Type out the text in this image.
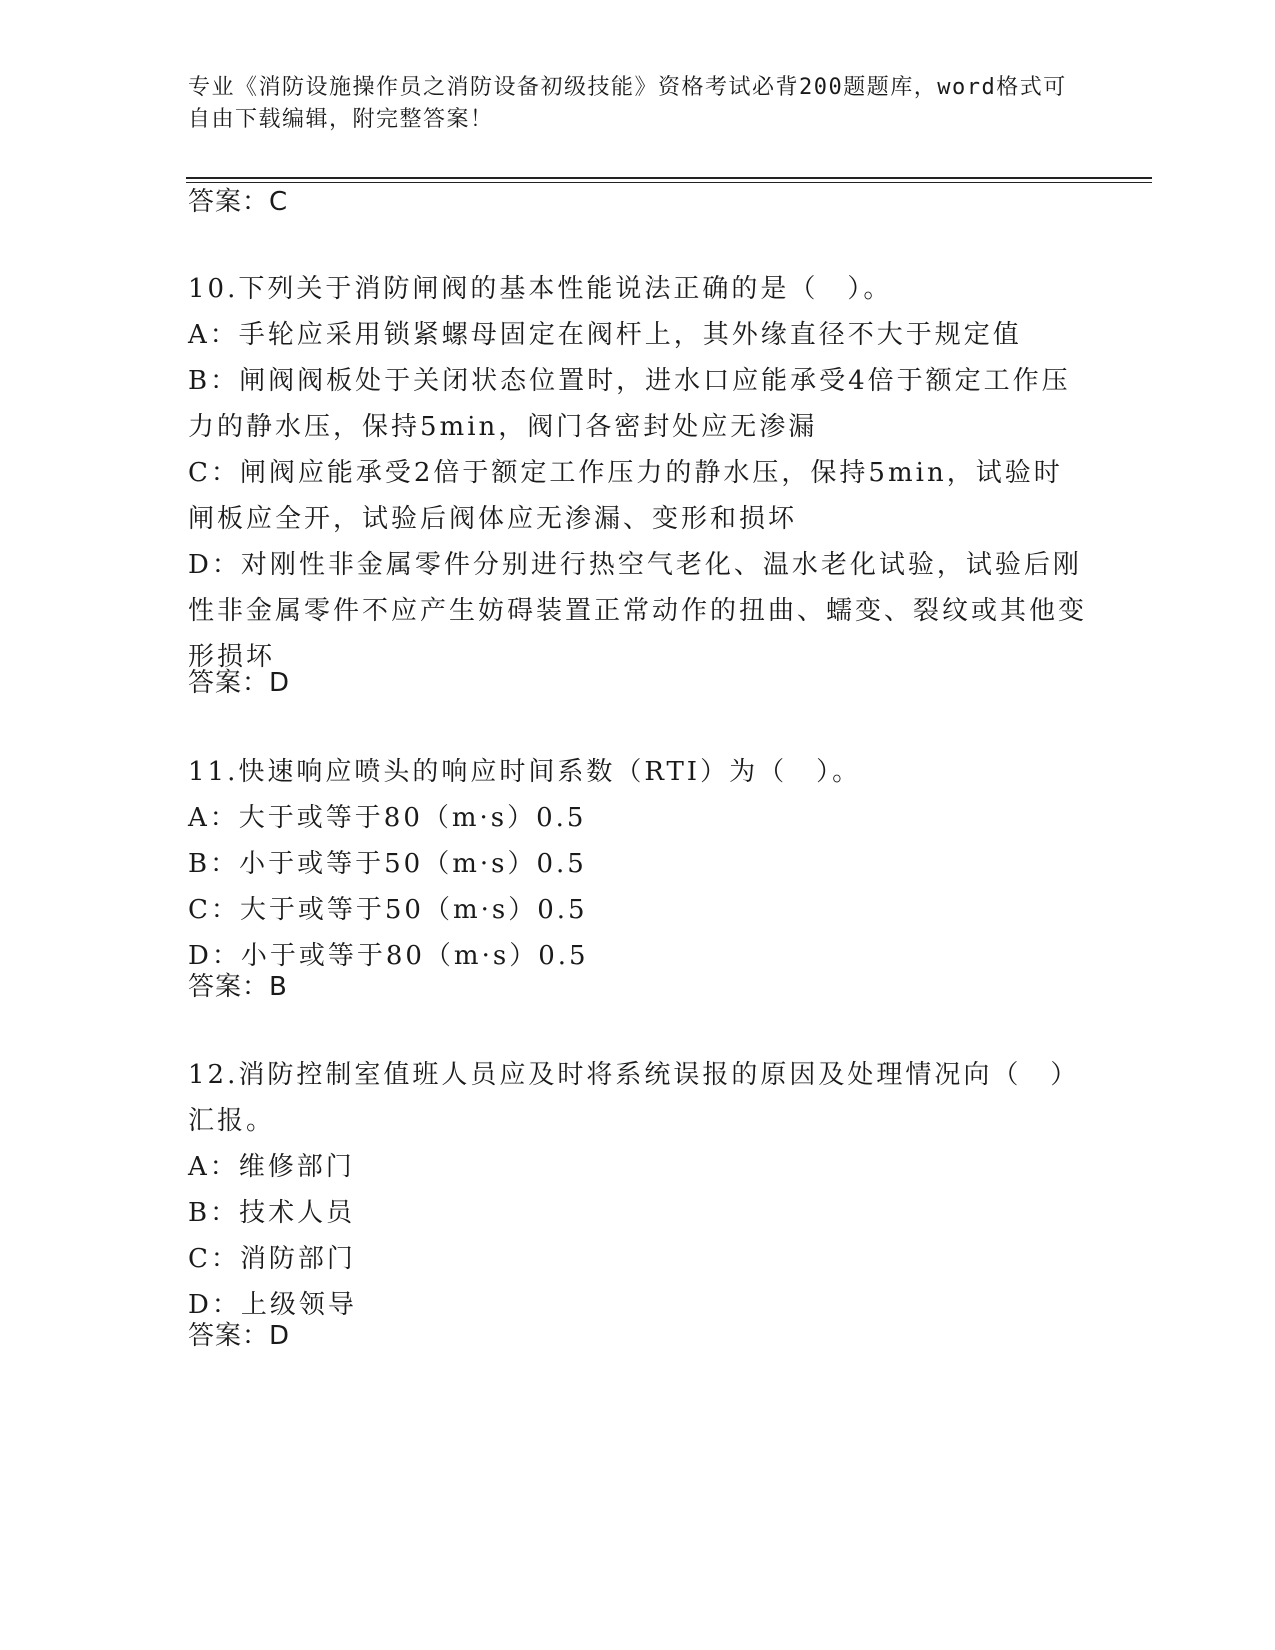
专业《消防设施操作员之消防设备初级技能》资格考试必背200题题库，word格式可自由下载编辑，附完整答案！

答案：C

10.下列关于消防闸阀的基本性能说法正确的是（　）。

A：手轮应采用锁紧螺母固定在阀杆上，其外缘直径不大于规定值

B：闸阀阀板处于关闭状态位置时，进水口应能承受4倍于额定工作压力的静水压，保持5min，阀门各密封处应无渗漏

C：闸阀应能承受2倍于额定工作压力的静水压，保持5min，试验时闸板应全开，试验后阀体应无渗漏、变形和损坏

D：对刚性非金属零件分别进行热空气老化、温水老化试验，试验后刚性非金属零件不应产生妨碍装置正常动作的扭曲、蠕变、裂纹或其他变形损坏

答案：D

11.快速响应喷头的响应时间系数（RTI）为（　）。

A：大于或等于80（m·s）0.5

B：小于或等于50（m·s）0.5

C：大于或等于50（m·s）0.5

D：小于或等于80（m·s）0.5

答案：B

12.消防控制室值班人员应及时将系统误报的原因及处理情况向（　）汇报。

A：维修部门

B：技术人员

C：消防部门

D：上级领导

答案：D
